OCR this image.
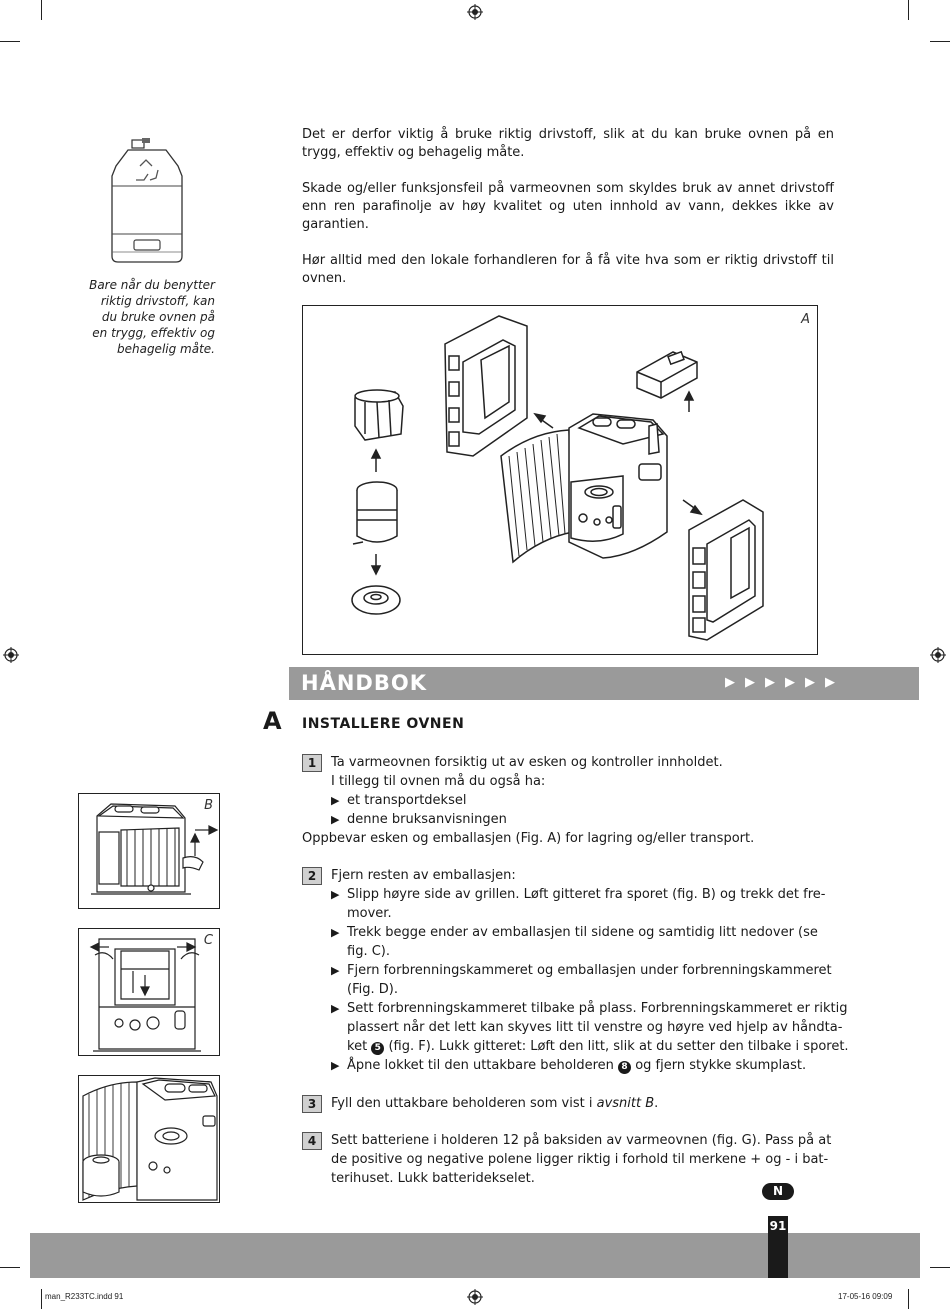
Bare når du benytter
riktig drivstoff, kan
du bruke ovnen på
en trygg, effektiv og
behagelig måte.

Det er derfor viktig å bruke riktig drivstoff, slik at du kan bruke ovnen på en trygg, effektiv og behagelig måte.

Skade og/eller funksjonsfeil på varmeovnen som skyldes bruk av annet drivstoff enn ren parafinolje av høy kvalitet og uten innhold av vann, dekkes ikke av garantien.

Hør alltid med den lokale forhandleren for å få vite hva som er riktig drivstoff til ovnen.

A
B
C
HÅNDBOK	▶▶▶▶▶▶
A INSTALLERE OVNEN
1	Ta varmeovnen forsiktig ut av esken og kontroller innholdet.
I tillegg til ovnen må du også ha:
▶ et transportdeksel
▶ denne bruksanvisningen
Oppbevar esken og emballasjen (Fig. A) for lagring og/eller transport.
2	Fjern resten av emballasjen:
▶ Slipp høyre side av grillen. Løft gitteret fra sporet (fig. B) og trekk det fre-
mover.
▶ Trekk begge ender av emballasjen til sidene og samtidig litt nedover (se
fig. C).
▶ Fjern forbrenningskammeret og emballasjen under forbrenningskammeret
(Fig. D).
▶ Sett forbrenningskammeret tilbake på plass. Forbrenningskammeret er riktig
plassert når det lett kan skyves litt til venstre og høyre ved hjelp av håndta-
ket 5 (fig. F). Lukk gitteret: Løft den litt, slik at du setter den tilbake i sporet.
▶ Åpne lokket til den uttakbare beholderen 8 og fjern stykke skumplast.
3	Fyll den uttakbare beholderen som vist i avsnitt B.
4	Sett batteriene i holderen 12 på baksiden av varmeovnen (fig. G). Pass på at
de positive og negative polene ligger riktig i forhold til merkene + og - i bat-
terihuset. Lukk batteridekselet.
N
91
man_R233TC.indd 91	17-05-16 09:09
